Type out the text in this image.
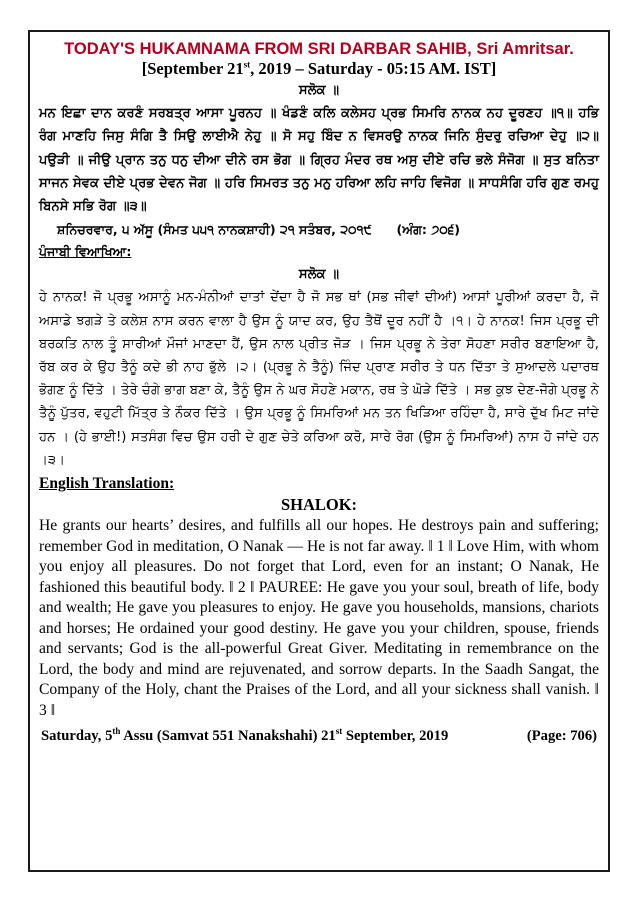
TODAY'S HUKAMNAMA FROM SRI DARBAR SAHIB, Sri Amritsar.
[September 21st, 2019 – Saturday - 05:15 AM. IST]
ਸਲੋਕ ॥
ਮਨ ਇਛਾ ਦਾਨ ਕਰਣੰ ਸਰਬਤ੍ਰ ਆਸਾ ਪੂਰਨਹ ॥ ਖੰਡਣੰ ਕਲਿ ਕਲੇਸਹ ਪ੍ਰਭ ਸਿਮਰਿ ਨਾਨਕ ਨਹ ਦੂਰਣਹ ॥੧॥ ਹਭਿ ਰੰਗ ਮਾਣਹਿ ਜਿਸੁ ਸੰਗਿ ਤੈ ਸਿਉ ਲਾਈਐ ਨੇਹੁ ॥ ਸੋ ਸਹੁ ਬਿੰਦ ਨ ਵਿਸਰਉ ਨਾਨਕ ਜਿਨਿ ਸੁੰਦਰੁ ਰਚਿਆ ਦੇਹੁ ॥੨॥ ਪਉੜੀ ॥ ਜੀਉ ਪ੍ਰਾਨ ਤਨੁ ਧਨੁ ਦੀਆ ਦੀਨੇ ਰਸ ਭੋਗ ॥ ਗ੍ਰਿਹ ਮੰਦਰ ਰਥ ਅਸੁ ਦੀਏ ਰਚਿ ਭਲੇ ਸੰਜੋਗ ॥ ਸੁਤ ਬਨਿਤਾ ਸਾਜਨ ਸੇਵਕ ਦੀਏ ਪ੍ਰਭ ਦੇਵਨ ਜੋਗ ॥ ਹਰਿ ਸਿਮਰਤ ਤਨੁ ਮਨੁ ਹਰਿਆ ਲਹਿ ਜਾਹਿ ਵਿਜੋਗ ॥ ਸਾਧਸੰਗਿ ਹਰਿ ਗੁਣ ਰਮਹੁ ਬਿਨਸੇ ਸਭਿ ਰੋਗ ॥੩॥
ਸ਼ਨਿਚਰਵਾਰ, ੫ ਅੱਸੂ (ਸੰਮਤ ੫੫੧ ਨਾਨਕਸ਼ਾਹੀ) ੨੧ ਸਤੰਬਰ, ੨੦੧੯ (ਅੰਗ: ੭੦੬)
ਪੰਜਾਬੀ ਵਿਆਖਿਆ:
ਸਲੋਕ ॥
ਹੇ ਨਾਨਕ! ਜੋ ਪ੍ਰਭੂ ਅਸਾਨੂੰ ਮਨ-ਮੰਨੀਆਂ ਦਾਤਾਂ ਦੇਂਦਾ ਹੈ ਜੋ ਸਭ ਥਾਂ (ਸਭ ਜੀਵਾਂ ਦੀਆਂ) ਆਸਾਂ ਪੂਰੀਆਂ ਕਰਦਾ ਹੈ, ਜੋ ਅਸਾਡੇ ਝਗੜੇ ਤੇ ਕਲੇਸ਼ ਨਾਸ ਕਰਨ ਵਾਲਾ ਹੈ ਉਸ ਨੂੰ ਯਾਦ ਕਰ, ਉਹ ਤੈਥੋਂ ਦੂਰ ਨਹੀਂ ਹੈ ।੧। ਹੇ ਨਾਨਕ! ਜਿਸ ਪ੍ਰਭੂ ਦੀ ਬਰਕਤਿ ਨਾਲ ਤੂੰ ਸਾਰੀਆਂ ਮੌਜਾਂ ਮਾਣਦਾ ਹੈਂ, ਉਸ ਨਾਲ ਪ੍ਰੀਤ ਜੋੜ । ਜਿਸ ਪ੍ਰਭੂ ਨੇ ਤੇਰਾ ਸੋਹਣਾ ਸਰੀਰ ਬਣਾਇਆ ਹੈ, ਰੱਬ ਕਰ ਕੇ ਉਹ ਤੈਨੂੰ ਕਦੇ ਭੀ ਨਾਹ ਭੁੱਲੇ ।੨। (ਪ੍ਰਭੂ ਨੇ ਤੈਨੂੰ) ਜਿੰਦ ਪ੍ਰਾਣ ਸਰੀਰ ਤੇ ਧਨ ਦਿੱਤਾ ਤੇ ਸੁਆਦਲੇ ਪਦਾਰਥ ਭੋਗਣ ਨੂੰ ਦਿੱਤੇ । ਤੇਰੇ ਚੰਗੇ ਭਾਗ ਬਣਾ ਕੇ, ਤੈਨੂੰ ਉਸ ਨੇ ਘਰ ਸੋਹਣੇ ਮਕਾਨ, ਰਥ ਤੇ ਘੋੜੇ ਦਿੱਤੇ । ਸਭ ਕੁਝ ਦੇਣ-ਜੋਗੇ ਪ੍ਰਭੂ ਨੇ ਤੈਨੂੰ ਪੁੱਤਰ, ਵਹੁਟੀ ਮਿੱਤ੍ਰ ਤੇ ਨੌਕਰ ਦਿੱਤੇ । ਉਸ ਪ੍ਰਭੂ ਨੂੰ ਸਿਮਰਿਆਂ ਮਨ ਤਨ ਖਿੜਿਆ ਰਹਿੰਦਾ ਹੈ, ਸਾਰੇ ਦੁੱਖ ਮਿਟ ਜਾਂਦੇ ਹਨ । (ਹੇ ਭਾਈ!) ਸਤਸੰਗ ਵਿਚ ਉਸ ਹਰੀ ਦੇ ਗੁਣ ਚੇਤੇ ਕਰਿਆ ਕਰੋ, ਸਾਰੇ ਰੋਗ (ਉਸ ਨੂੰ ਸਿਮਰਿਆਂ) ਨਾਸ ਹੋ ਜਾਂਦੇ ਹਨ ।੩।
English Translation:
SHALOK:
He grants our hearts’ desires, and fulfills all our hopes. He destroys pain and suffering; remember God in meditation, O Nanak — He is not far away. ‖ 1 ‖ Love Him, with whom you enjoy all pleasures. Do not forget that Lord, even for an instant; O Nanak, He fashioned this beautiful body. ‖ 2 ‖ PAUREE: He gave you your soul, breath of life, body and wealth; He gave you pleasures to enjoy. He gave you households, mansions, chariots and horses; He ordained your good destiny. He gave you your children, spouse, friends and servants; God is the all-powerful Great Giver. Meditating in remembrance on the Lord, the body and mind are rejuvenated, and sorrow departs. In the Saadh Sangat, the Company of the Holy, chant the Praises of the Lord, and all your sickness shall vanish. ‖ 3 ‖
Saturday, 5th Assu (Samvat 551 Nanakshahi) 21st September, 2019	(Page: 706)
